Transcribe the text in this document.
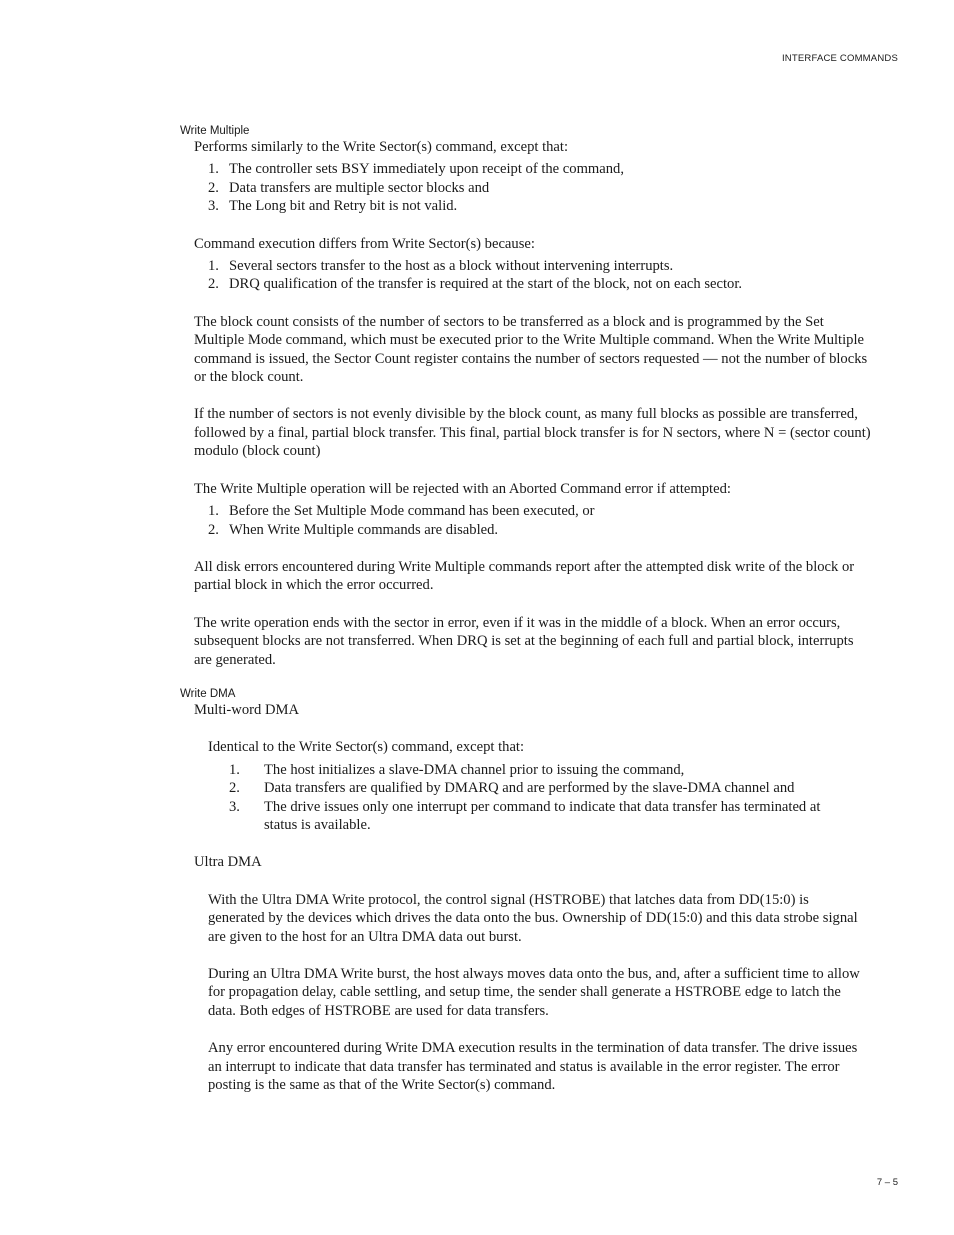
INTERFACE COMMANDS
Write Multiple
Performs similarly to the Write Sector(s) command, except that:
1. The controller sets BSY immediately upon receipt of the command,
2. Data transfers are multiple sector blocks and
3. The Long bit and Retry bit is not valid.
Command execution differs from Write Sector(s) because:
1. Several sectors transfer to the host as a block without intervening interrupts.
2. DRQ qualification of the transfer is required at the start of the block, not on each sector.
The block count consists of the number of sectors to be transferred as a block and is programmed by the Set Multiple Mode command, which must be executed prior to the Write Multiple command. When the Write Multiple command is issued, the Sector Count register contains the number of sectors requested — not the number of blocks or the block count.
If the number of sectors is not evenly divisible by the block count, as many full blocks as possible are transferred, followed by a final, partial block transfer. This final, partial block transfer is for N sectors, where N = (sector count) modulo (block count)
The Write Multiple operation will be rejected with an Aborted Command error if attempted:
1. Before the Set Multiple Mode command has been executed, or
2. When Write Multiple commands are disabled.
All disk errors encountered during Write Multiple commands report after the attempted disk write of the block or partial block in which the error occurred.
The write operation ends with the sector in error, even if it was in the middle of a block. When an error occurs, subsequent blocks are not transferred. When DRQ is set at the beginning of each full and partial block, interrupts are generated.
Write DMA
Multi-word DMA
Identical to the Write Sector(s) command, except that:
1. The host initializes a slave-DMA channel prior to issuing the command,
2. Data transfers are qualified by DMARQ and are performed by the slave-DMA channel and
3. The drive issues only one interrupt per command to indicate that data transfer has terminated at status is available.
Ultra DMA
With the Ultra DMA Write protocol, the control signal (HSTROBE) that latches data from DD(15:0) is generated by the devices which drives the data onto the bus. Ownership of DD(15:0) and this data strobe signal are given to the host for an Ultra DMA data out burst.
During an Ultra DMA Write burst, the host always moves data onto the bus, and, after a sufficient time to allow for propagation delay, cable settling, and setup time, the sender shall generate a HSTROBE edge to latch the data. Both edges of HSTROBE are used for data transfers.
Any error encountered during Write DMA execution results in the termination of data transfer. The drive issues an interrupt to indicate that data transfer has terminated and status is available in the error register. The error posting is the same as that of the Write Sector(s) command.
7 – 5
